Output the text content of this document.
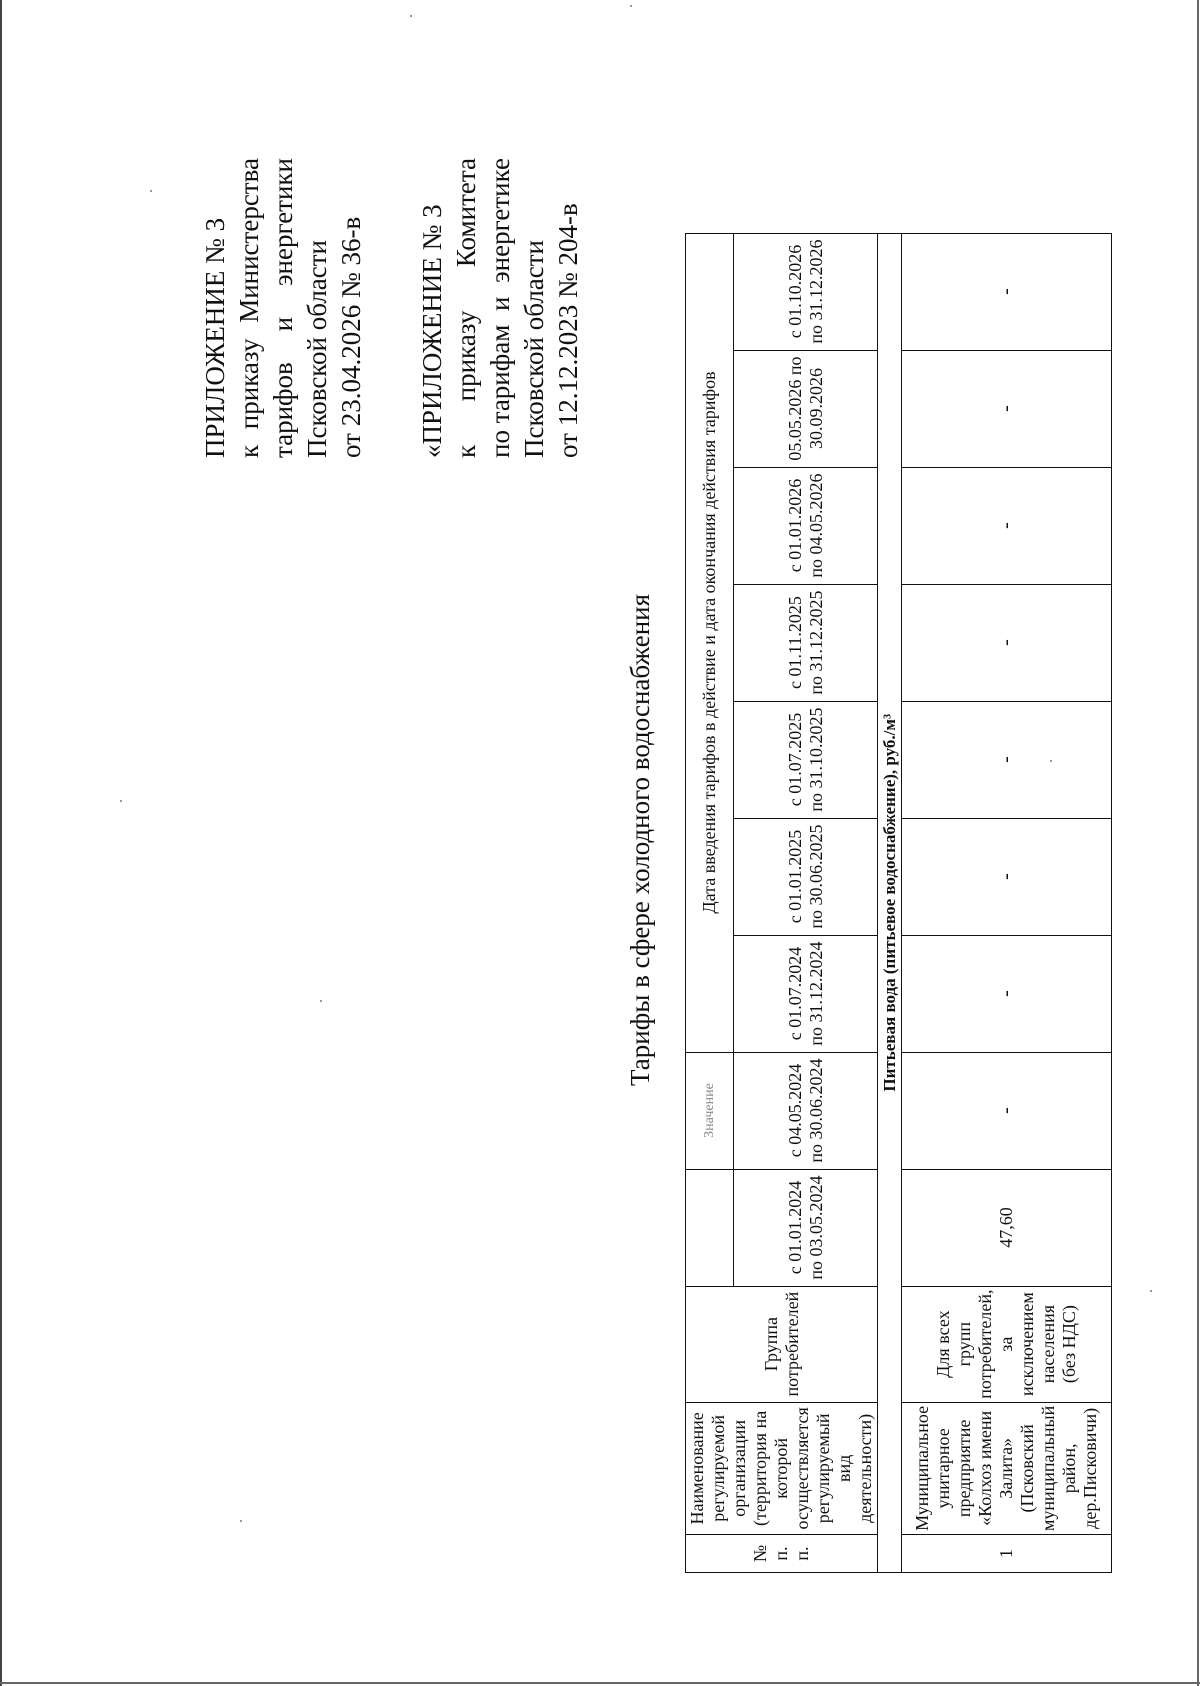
ПРИЛОЖЕНИЕ № 3 к
приказу
Министерства
тарифов
и
энергетики
Псковской области от 23.04.2026 № 36-в «ПРИЛОЖЕНИЕ № 3 к
приказу
Комитета
по тарифам
и
энергетике
Псковской области от 12.12.2023 № 204-в
Тарифы в сфере холодного водоснабжения
№ п. п.	Наименование регулируемой организации (территория на которой осуществляется регулируемый вид деятельности)	Группа потребителей		Значение	Дата введения тарифов в действие и дата окончания действия тарифов						
			с 01.01.2024 по 03.05.2024	с 04.05.2024 по 30.06.2024	с 01.07.2024 по 31.12.2024	с 01.01.2025 по 30.06.2025	с 01.07.2025 по 31.10.2025	с 01.11.2025 по 31.12.2025	с 01.01.2026 по 04.05.2026	05.05.2026 по 30.09.2026	с 01.10.2026 по 31.12.2026
Питьевая вода (питьевое водоснабжение), руб./м³											
1	Муниципальное унитарное предприятие «Колхоз имени Залита» (Псковский муниципальный район, дер.Писковичи)	Для всех групп потребителей, за исключением населения (без НДС)	47,60	-	-	-	-	-	-	-	-
